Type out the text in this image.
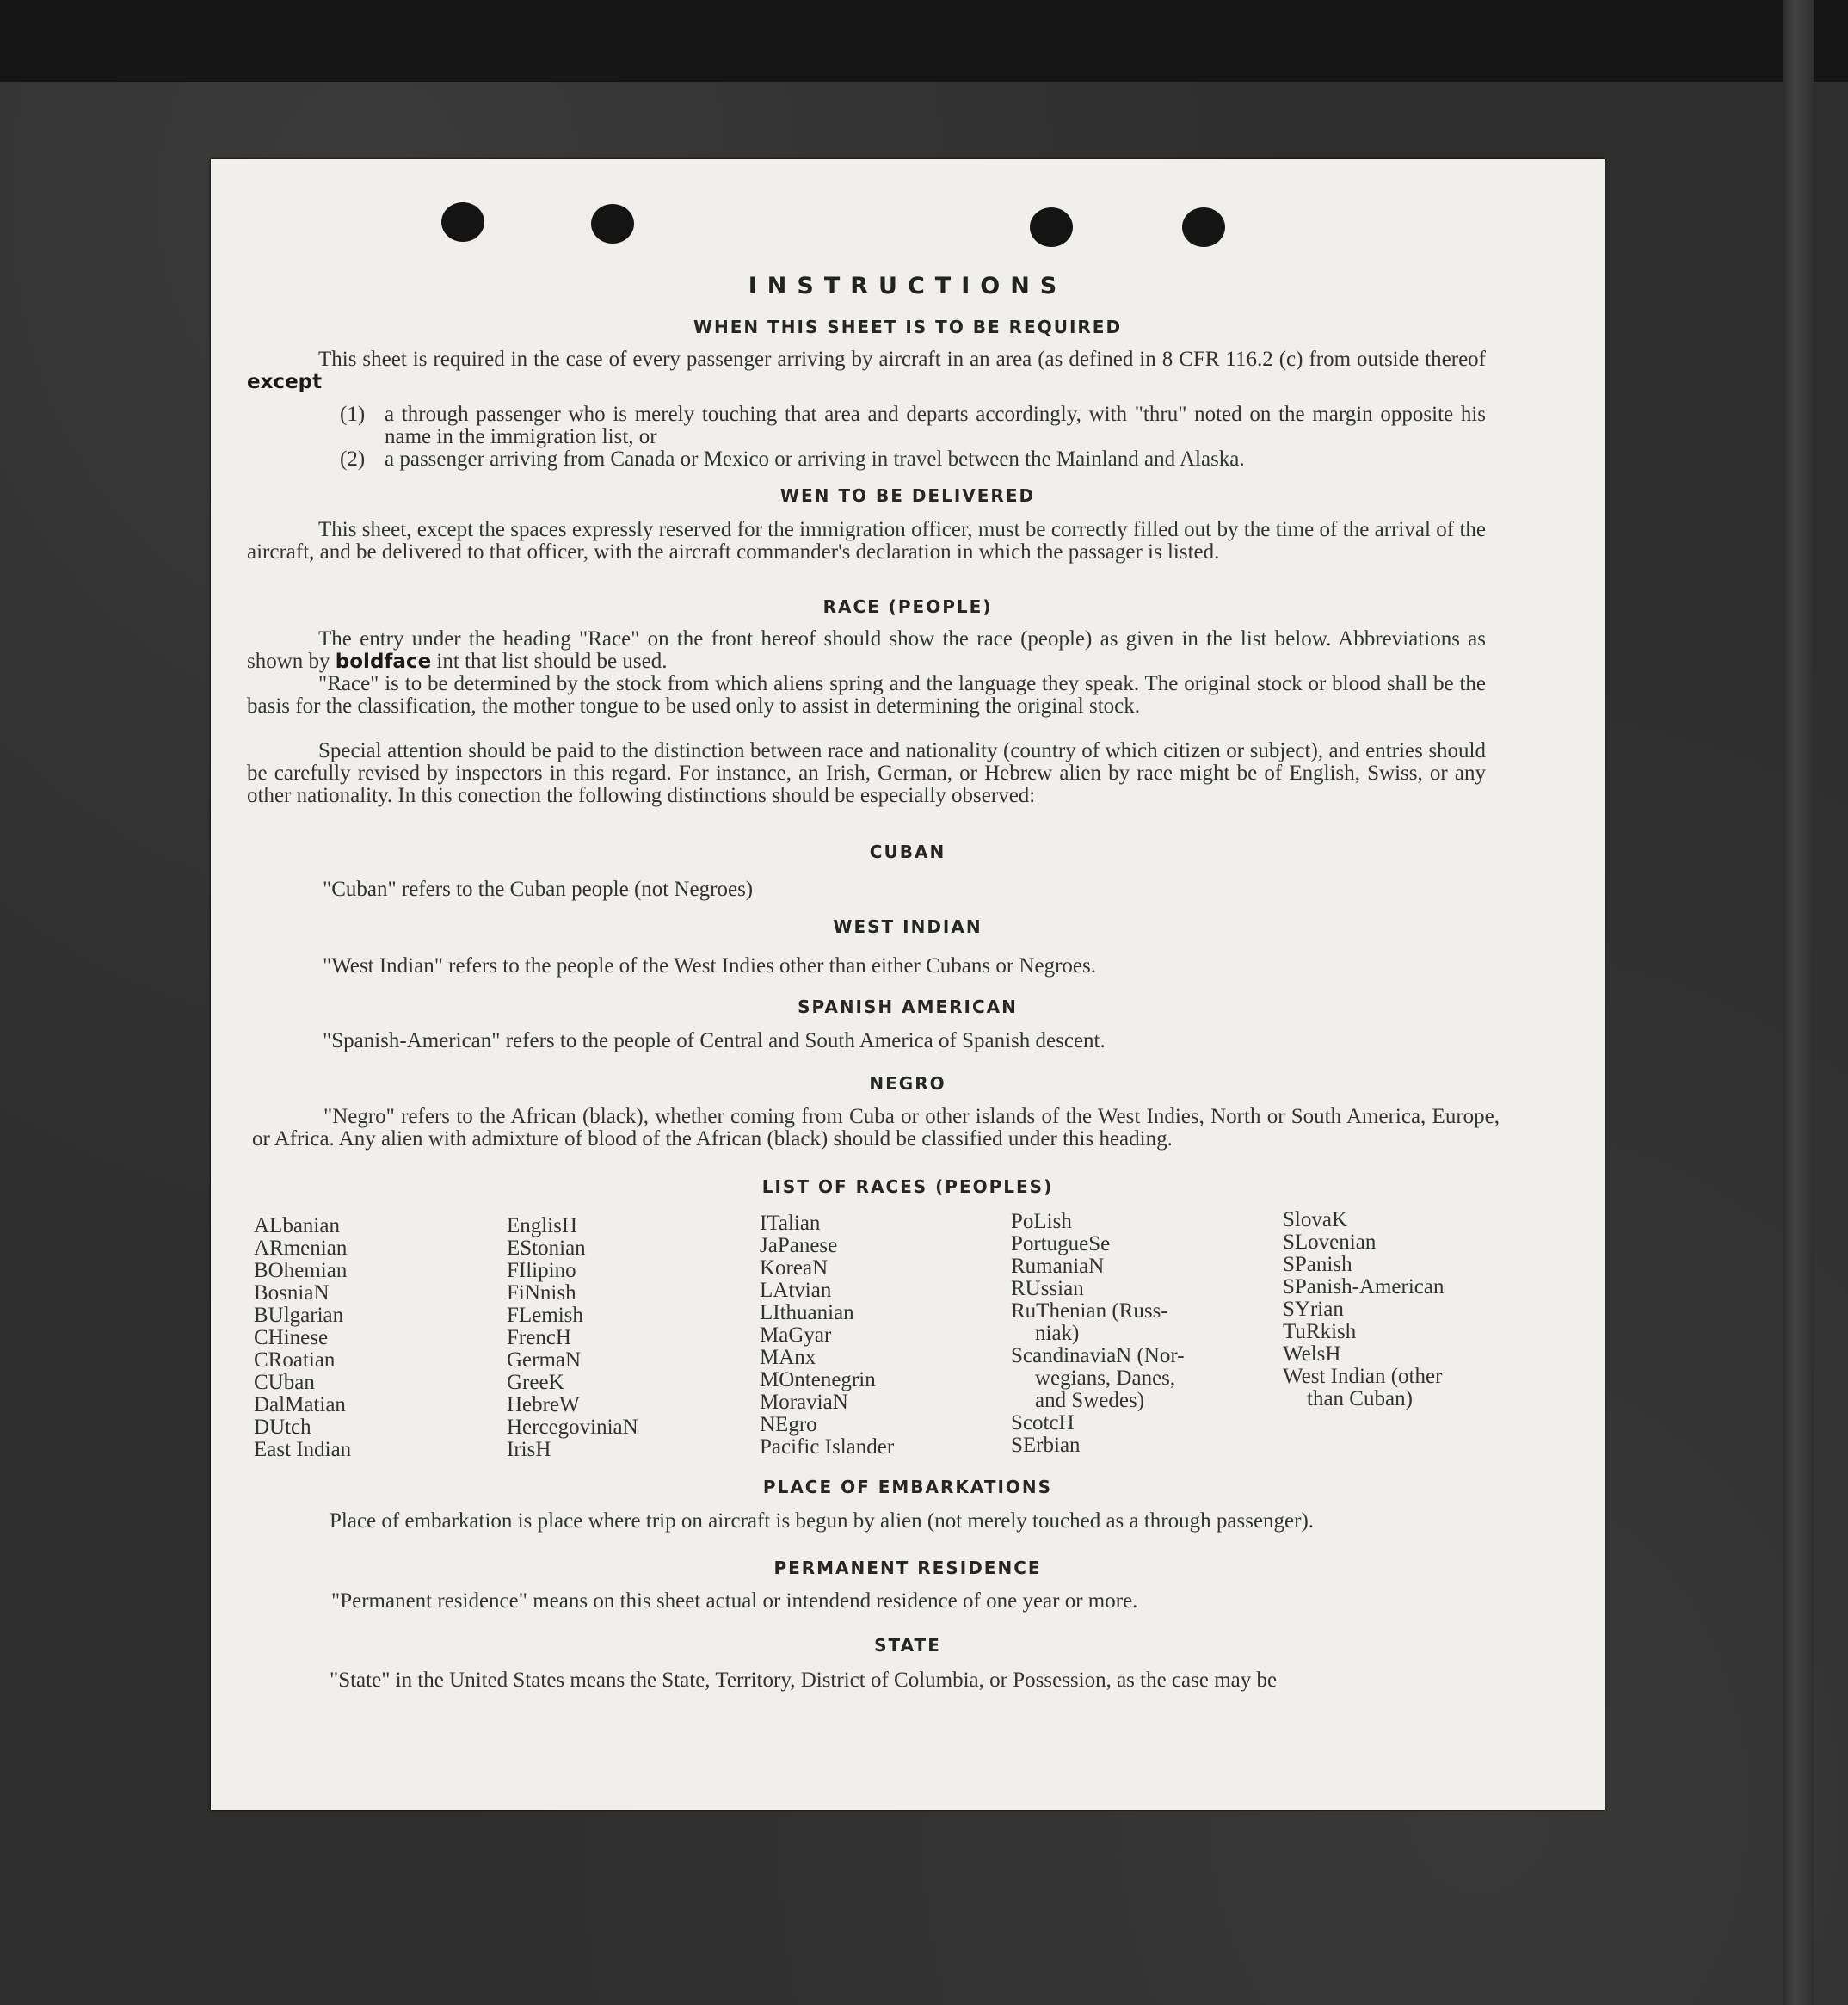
INSTRUCTIONS
WHEN THIS SHEET IS TO BE REQUIRED
This sheet is required in the case of every passenger arriving by aircraft in an area (as defined in 8 CFR 116.2 (c) from outside thereof except
(1) a through passenger who is merely touching that area and departs accordingly, with "thru" noted on the margin opposite his name in the immigration list, or
(2) a passenger arriving from Canada or Mexico or arriving in travel between the Mainland and Alaska.
WEN TO BE DELIVERED
This sheet, except the spaces expressly reserved for the immigration officer, must be correctly filled out by the time of the arrival of the aircraft, and be delivered to that officer, with the aircraft commander's declaration in which the passager is listed.
RACE (PEOPLE)
The entry under the heading "Race" on the front hereof should show the race (people) as given in the list below. Abbreviations as shown by boldface int that list should be used.
"Race" is to be determined by the stock from which aliens spring and the language they speak. The original stock or blood shall be the basis for the classification, the mother tongue to be used only to assist in determining the original stock.
Special attention should be paid to the distinction between race and nationality (country of which citizen or subject), and entries should be carefully revised by inspectors in this regard. For instance, an Irish, German, or Hebrew alien by race might be of English, Swiss, or any other nationality. In this conection the following distinctions should be especially observed:
CUBAN
"Cuban" refers to the Cuban people (not Negroes)
WEST INDIAN
"West Indian" refers to the people of the West Indies other than either Cubans or Negroes.
SPANISH AMERICAN
"Spanish-American" refers to the people of Central and South America of Spanish descent.
NEGRO
"Negro" refers to the African (black), whether coming from Cuba or other islands of the West Indies, North or South America, Europe, or Africa. Any alien with admixture of blood of the African (black) should be classified under this heading.
LIST OF RACES (PEOPLES)
ALbanian
ARmenian
BOhemian
BosniaN
BUlgarian
CHinese
CRoatian
CUban
DalMatian
DUtch
East Indian
EnglisH
EStonian
FIlipino
FiNnish
FLemish
FrencH
GermaN
GreeK
HebreW
HercegovinіaN
IrisH
ITalian
JaPanese
KoreaN
LAtvian
LIthuanian
MaGyar
MAnx
MOntenegrin
MoraviaN
NEgro
Pacific Islander
PoLish
PortugueSe
RumaniaN
RUssian
RuThenian (Russ-
niak)
ScandinaviaN (Nor-
wegians, Danes,
and Swedes)
ScotcH
SErbian
SlovaK
SLovenian
SPanish
SPanish-American
SYrian
TuRkish
WelsH
West Indian (other
than Cuban)
PLACE OF EMBARKATIONS
Place of embarkation is place where trip on aircraft is begun by alien (not merely touched as a through passenger).
PERMANENT RESIDENCE
"Permanent residence" means on this sheet actual or intendend residence of one year or more.
STATE
"State" in the United States means the State, Territory, District of Columbia, or Possession, as the case may be
